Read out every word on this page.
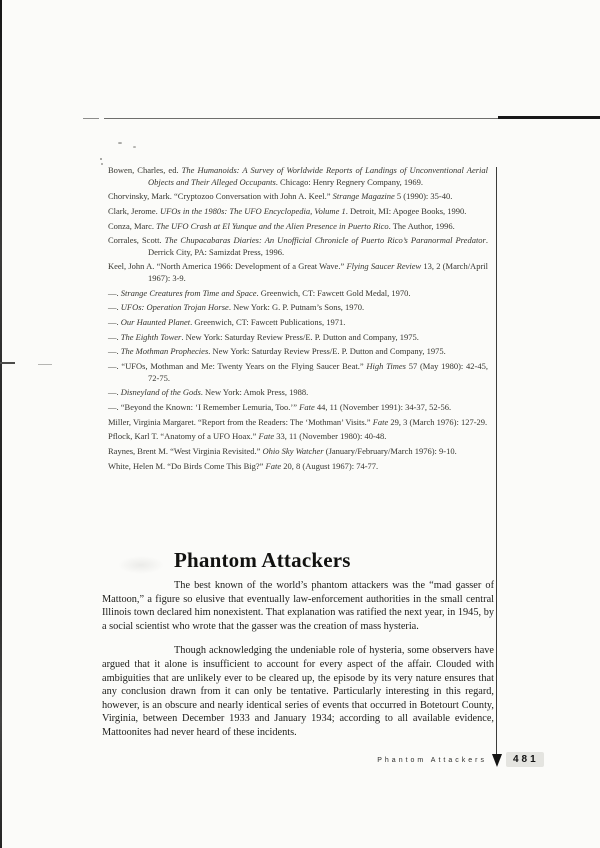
Bowen, Charles, ed. The Humanoids: A Survey of Worldwide Reports of Landings of Unconventional Aerial Objects and Their Alleged Occupants. Chicago: Henry Regnery Company, 1969.
Chorvinsky, Mark. “Cryptozoo Conversation with John A. Keel.” Strange Magazine 5 (1990): 35-40.
Clark, Jerome. UFOs in the 1980s: The UFO Encyclopedia, Volume 1. Detroit, MI: Apogee Books, 1990.
Conza, Marc. The UFO Crash at El Yunque and the Alien Presence in Puerto Rico. The Author, 1996.
Corrales, Scott. The Chupacabaras Diaries: An Unofficial Chronicle of Puerto Rico’s Paranormal Predator. Derrick City, PA: Samizdat Press, 1996.
Keel, John A. “North America 1966: Development of a Great Wave.” Flying Saucer Review 13, 2 (March/April 1967): 3-9.
—. Strange Creatures from Time and Space. Greenwich, CT: Fawcett Gold Medal, 1970.
—. UFOs: Operation Trojan Horse. New York: G. P. Putnam’s Sons, 1970.
—. Our Haunted Planet. Greenwich, CT: Fawcett Publications, 1971.
—. The Eighth Tower. New York: Saturday Review Press/E. P. Dutton and Company, 1975.
—. The Mothman Prophecies. New York: Saturday Review Press/E. P. Dutton and Company, 1975.
—. “UFOs, Mothman and Me: Twenty Years on the Flying Saucer Beat.” High Times 57 (May 1980): 42-45, 72-75.
—. Disneyland of the Gods. New York: Amok Press, 1988.
—. “Beyond the Known: ‘I Remember Lemuria, Too.’” Fate 44, 11 (November 1991): 34-37, 52-56.
Miller, Virginia Margaret. “Report from the Readers: The ‘Mothman’ Visits.” Fate 29, 3 (March 1976): 127-29.
Pflock, Karl T. “Anatomy of a UFO Hoax.” Fate 33, 11 (November 1980): 40-48.
Raynes, Brent M. “West Virginia Revisited.” Ohio Sky Watcher (January/February/March 1976): 9-10.
White, Helen M. “Do Birds Come This Big?” Fate 20, 8 (August 1967): 74-77.
Phantom Attackers

The best known of the world’s phantom attackers was the “mad gasser of Mattoon,” a figure so elusive that eventually law-enforcement authorities in the small central Illinois town declared him nonexistent. That explanation was ratified the next year, in 1945, by a social scientist who wrote that the gasser was the creation of mass hysteria.

Though acknowledging the undeniable role of hysteria, some observers have argued that it alone is insufficient to account for every aspect of the affair. Clouded with ambiguities that are unlikely ever to be cleared up, the episode by its very nature ensures that any conclusion drawn from it can only be tentative. Particularly interesting in this regard, however, is an obscure and nearly identical series of events that occurred in Botetourt County, Virginia, between December 1933 and January 1934; according to all available evidence, Mattoonites had never heard of these incidents.

Phantom Attackers	481
